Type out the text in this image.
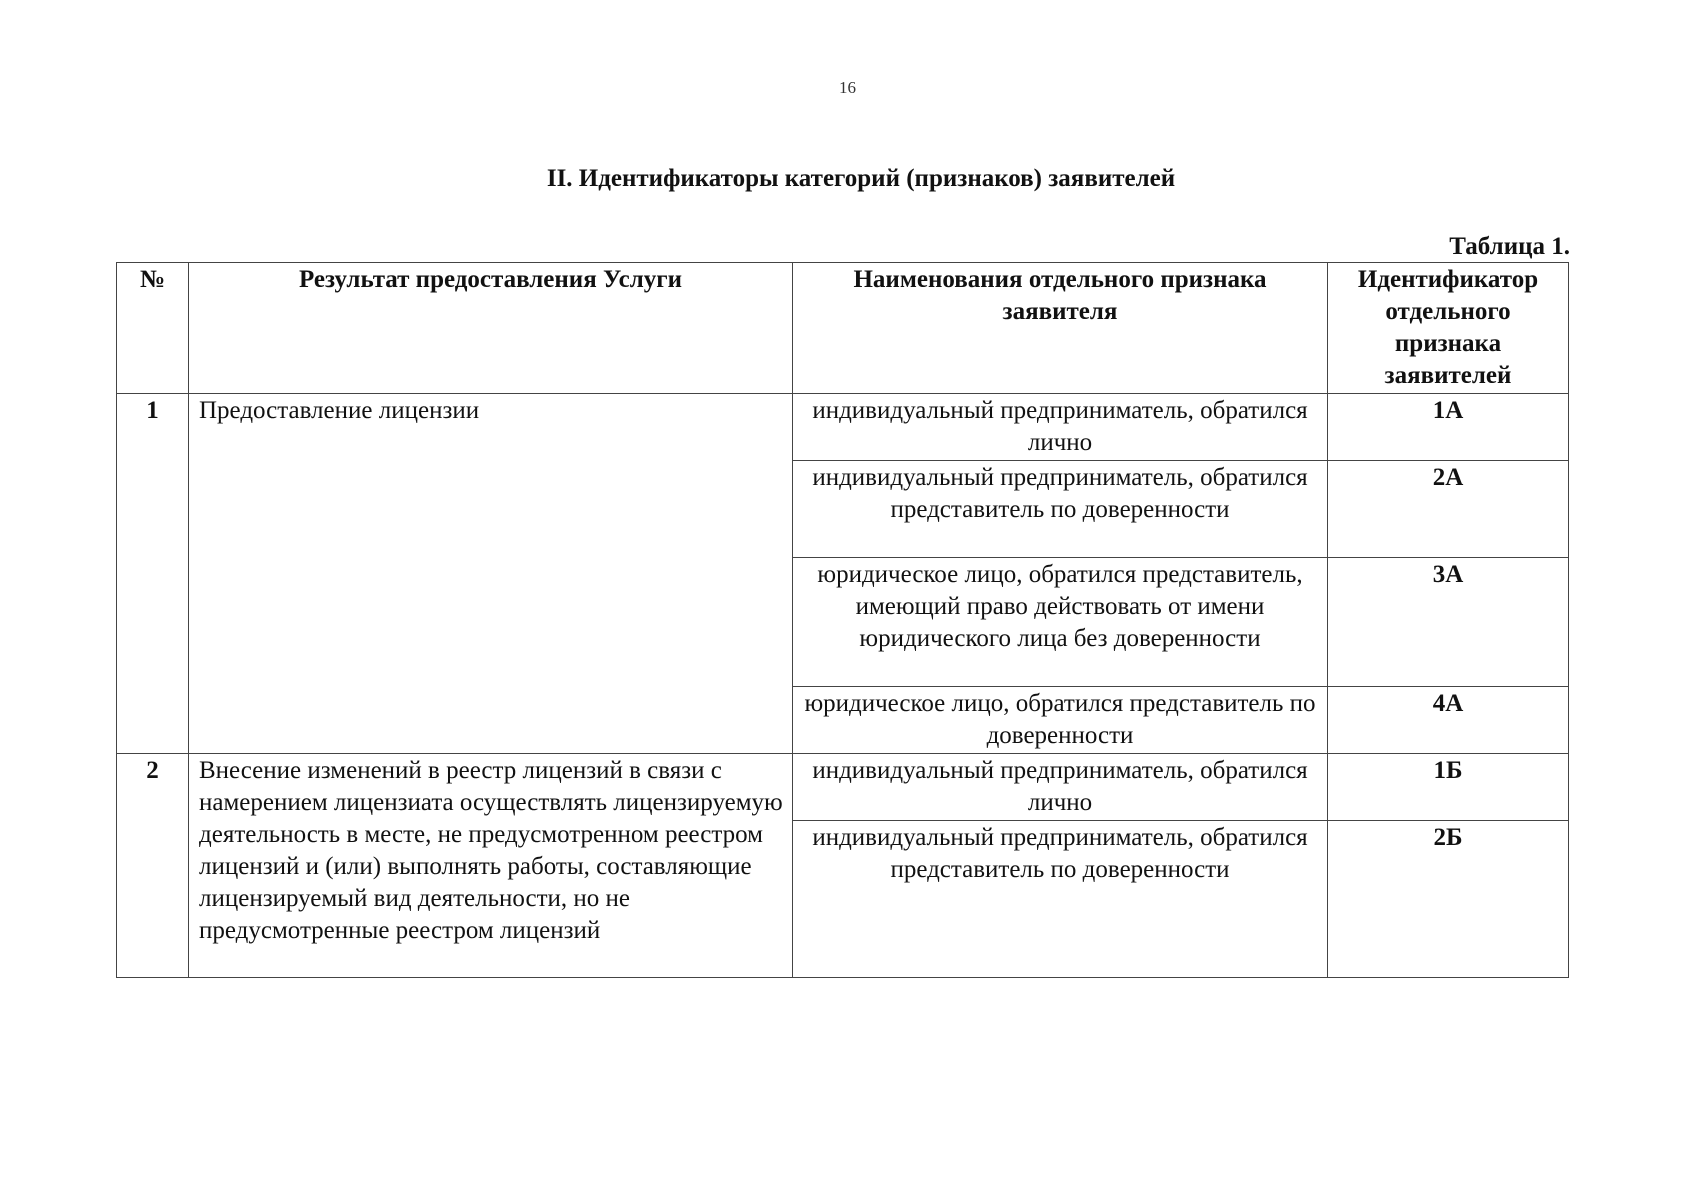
16
II. Идентификаторы категорий (признаков) заявителей
Таблица 1.
№	Результат предоставления Услуги	Наименования отдельного признака заявителя	Идентификатор отдельного признака заявителей
1	Предоставление лицензии	индивидуальный предприниматель, обратился лично	1А
		индивидуальный предприниматель, обратился представитель по доверенности	2А
		юридическое лицо, обратился представитель, имеющий право действовать от имени юридического лица без доверенности	3А
		юридическое лицо, обратился представитель по доверенности	4А
2	Внесение изменений в реестр лицензий в связи с намерением лицензиата осуществлять лицензируемую деятельность в месте, не предусмотренном реестром лицензий и (или) выполнять работы, составляющие лицензируемый вид деятельности, но не предусмотренные реестром лицензий	индивидуальный предприниматель, обратился лично	1Б
		индивидуальный предприниматель, обратился представитель по доверенности	2Б
